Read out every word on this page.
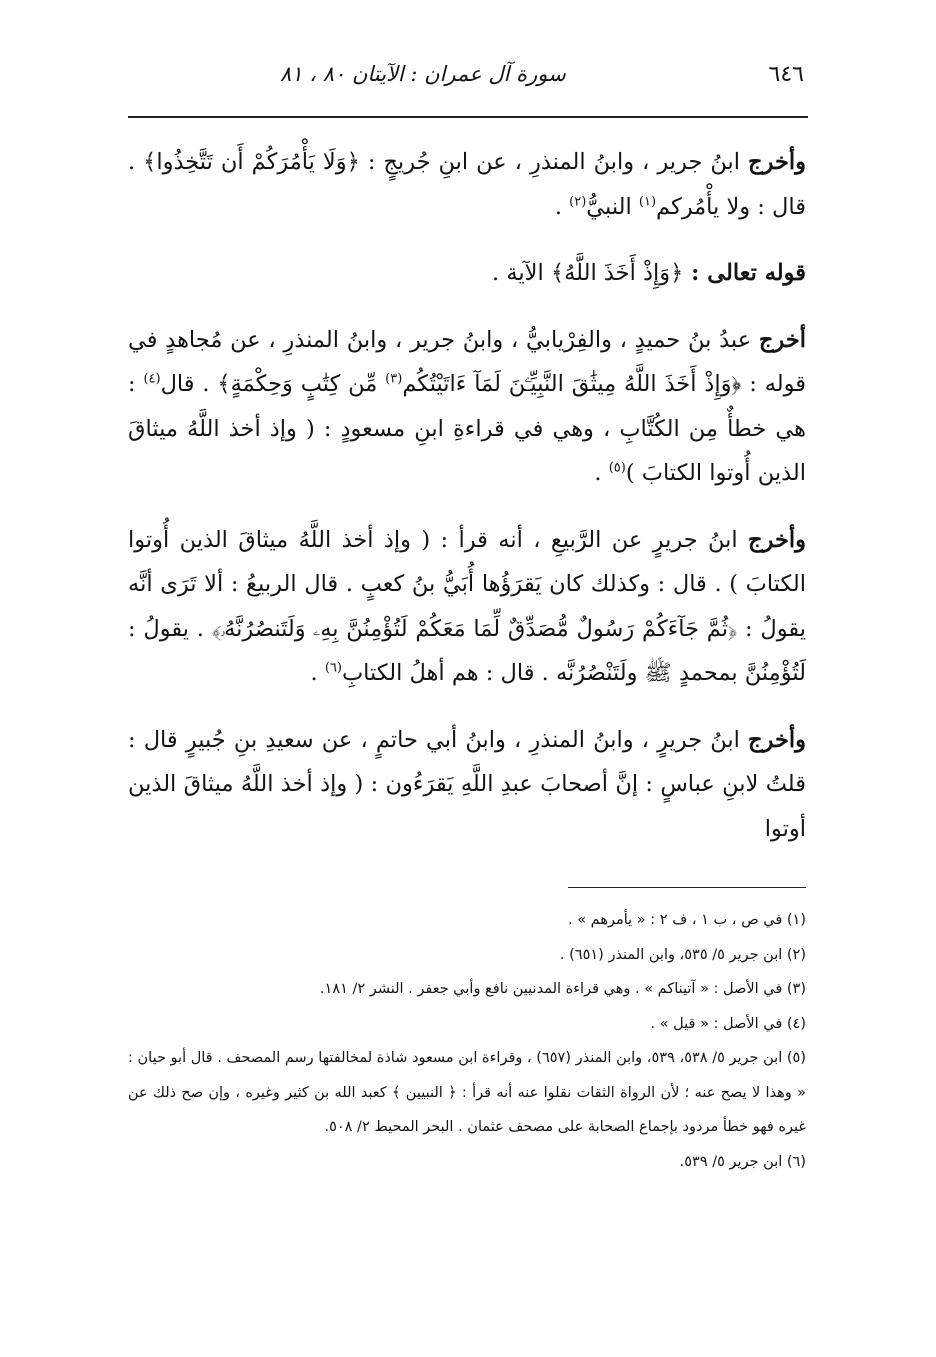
٦٤٦
سورة آل عمران : الآيتان ٨٠ ، ٨١

وأخرج ابنُ جرير ، وابنُ المنذرِ ، عن ابنِ جُريجٍ : ﴿وَلَا يَأْمُرَكُمْ أَن تَتَّخِذُوا﴾ . قال : ولا يأْمُركم$^{(١)}$ النبيُّ$^{(٢)}$ .

قوله تعالى : ﴿وَإِذْ أَخَذَ اللَّهُ﴾ الآية .

أخرج عبدُ بنُ حميدٍ ، والفِرْيابيُّ ، وابنُ جرير ، وابنُ المنذرِ ، عن مُجاهدٍ في قوله : ﴿وَإِذْ أَخَذَ اللَّهُ مِيثَٰقَ النَّبِيِّـۧنَ لَمَآ ءَاتَيْتُكُم$^{(٣)}$ مِّن كِتَٰبٍ وَحِكْمَةٍ﴾ . قال$^{(٤)}$ : هي خطأٌ مِن الكُتَّابِ ، وهي في قراءةِ ابنِ مسعودٍ : ( وإذ أخذ اللَّهُ ميثاقَ الذين أُوتوا الكتابَ )$^{(٥)}$ .

وأخرج ابنُ جريرٍ عن الرَّبيعِ ، أنه قرأ : ( وإذ أخذ اللَّهُ ميثاقَ الذين أُوتوا الكتابَ ) . قال : وكذلك كان يَقرَؤُها أُبَيُّ بنُ كعبٍ . قال الربيعُ : ألا تَرَى أنَّه يقولُ : ﴿ثُمَّ جَآءَكُمْ رَسُولٌ مُّصَدِّقٌ لِّمَا مَعَكُمْ لَتُؤْمِنُنَّ بِهِۦ وَلَتَنصُرُنَّهُۥ﴾ . يقولُ : لَتُؤْمِنُنَّ بمحمدٍ ﷺ ولَتَنْصُرُنَّه . قال : هم أهلُ الكتابِ$^{(٦)}$ .

وأخرج ابنُ جريرٍ ، وابنُ المنذرِ ، وابنُ أبي حاتمٍ ، عن سعيدِ بنِ جُبيرٍ قال : قلتُ لابنِ عباسٍ : إنَّ أصحابَ عبدِ اللَّهِ يَقرَءُون : ( وإذ أخذ اللَّهُ ميثاقَ الذين أوتوا

(١) في ص ، ب ١ ، ف ٢ : « يأمرهم » .

(٢) ابن جرير ٥/ ٥٣٥، وابن المنذر (٦٥١) .

(٣) في الأصل : « آتيناكم » . وهي قراءة المدنيين نافع وأبي جعفر . النشر ٢/ ١٨١.

(٤) في الأصل : « قيل » .

(٥) ابن جرير ٥/ ٥٣٨، ٥٣٩، وابن المنذر (٦٥٧) ، وقراءة ابن مسعود شاذة لمخالفتها رسم المصحف . قال أبو حيان : « وهذا لا يصح عنه ؛ لأن الرواة الثقات نقلوا عنه أنه قرأ : ﴿ النبيين ﴾ كعبد الله بن كثير وغيره ، وإن صح ذلك عن غيره فهو خطأ مردود بإجماع الصحابة على مصحف عثمان . البحر المحيط ٢/ ٥٠٨.

(٦) ابن جرير ٥/ ٥٣٩.
